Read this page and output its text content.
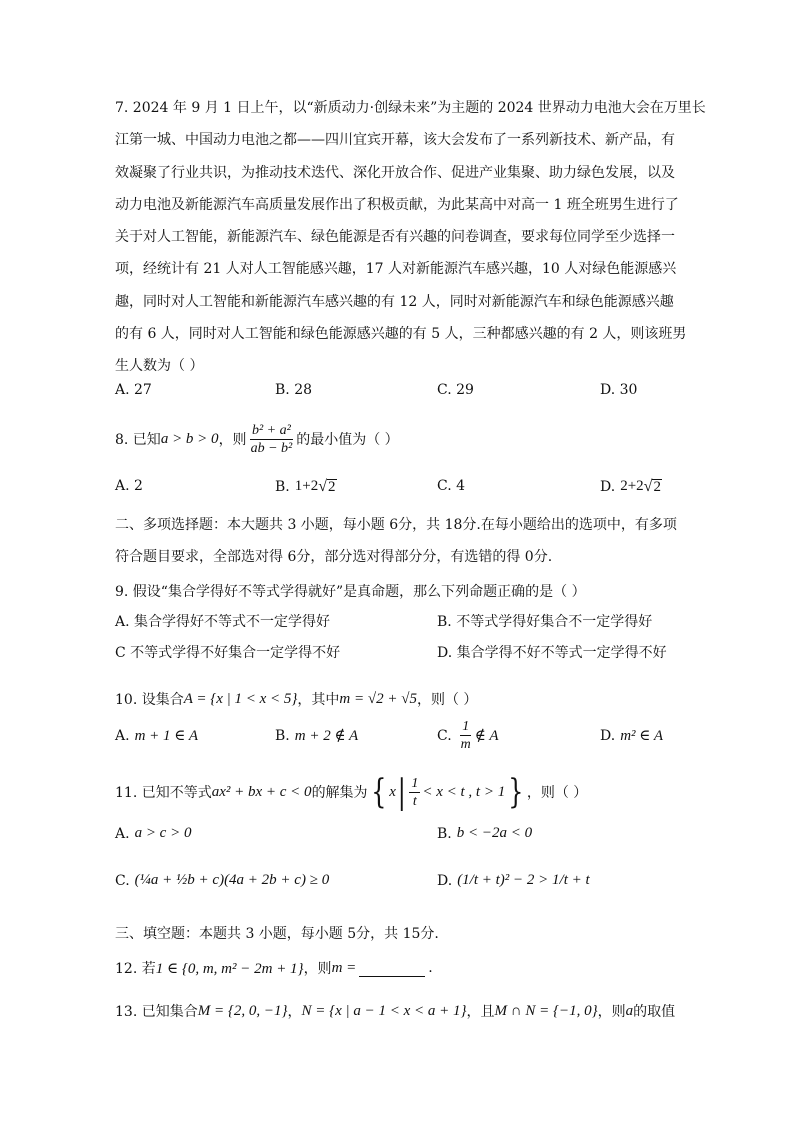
7. 2024 年 9 月 1 日上午，以“新质动力·创绿未来”为主题的 2024 世界动力电池大会在万里长
江第一城、中国动力电池之都——四川宜宾开幕，该大会发布了一系列新技术、新产品，有
效凝聚了行业共识，为推动技术迭代、深化开放合作、促进产业集聚、助力绿色发展，以及
动力电池及新能源汽车高质量发展作出了积极贡献，为此某高中对高一 1 班全班男生进行了
关于对人工智能，新能源汽车、绿色能源是否有兴趣的问卷调查，要求每位同学至少选择一
项，经统计有 21 人对人工智能感兴趣，17 人对新能源汽车感兴趣，10 人对绿色能源感兴
趣，同时对人工智能和新能源汽车感兴趣的有 12 人，同时对新能源汽车和绿色能源感兴趣
的有 6 人，同时对人工智能和绿色能源感兴趣的有 5 人，三种都感兴趣的有 2 人，则该班男
生人数为（ ）
A. 27	B. 28	C. 29	D. 30
8. 已知 a > b > 0 ，则 $\frac{\text{b² + a²}}{\text{ab − b²}}$ 的最小值为（ ）
A. 2	B. 1+2 √ 2	C. 4	D. 2+2 √ 2
二、多项选择题：本大题共 3 小题，每小题 6分，共 18分.在每小题给出的选项中，有多项
符合题目要求，全部选对得 6分，部分选对得部分分，有选错的得 0分.
9. 假设“集合学得好不等式学得就好”是真命题，那么下列命题正确的是（ ）
A. 集合学得好不等式不一定学得好	B. 不等式学得好集合不一定学得好
C 不等式学得不好集合一定学得不好	D. 集合学得不好不等式一定学得不好
10. 设集合 A = {x | 1 < x < 5} ，其中 m = √2 + √5 ，则（ ）
A. m + 1 ∈ A	B. m + 2 ∉ A	C. $\frac{1}{m}$ ∉ A	D. m² ∈ A
11. 已知不等式 ax² + bx + c < 0 的解集为 { x | $\frac{1}{t} < x < t$ , t > 1 } ，则（ ）
A. a > c > 0	B. b < −2a < 0
C. (¼a + ½b + c)(4a + 2b + c) ≥ 0	D. (1/t + t)² − 2 > 1/t + t
三、填空题：本题共 3 小题，每小题 5分，共 15分.
12. 若 1 ∈ {0, m, m² − 2m + 1} ，则 m =	.
13. 已知集合 M = {2, 0, −1} ， N = {x | a − 1 < x < a + 1} ，且 M ∩ N = {−1, 0} ，则 a 的取值
